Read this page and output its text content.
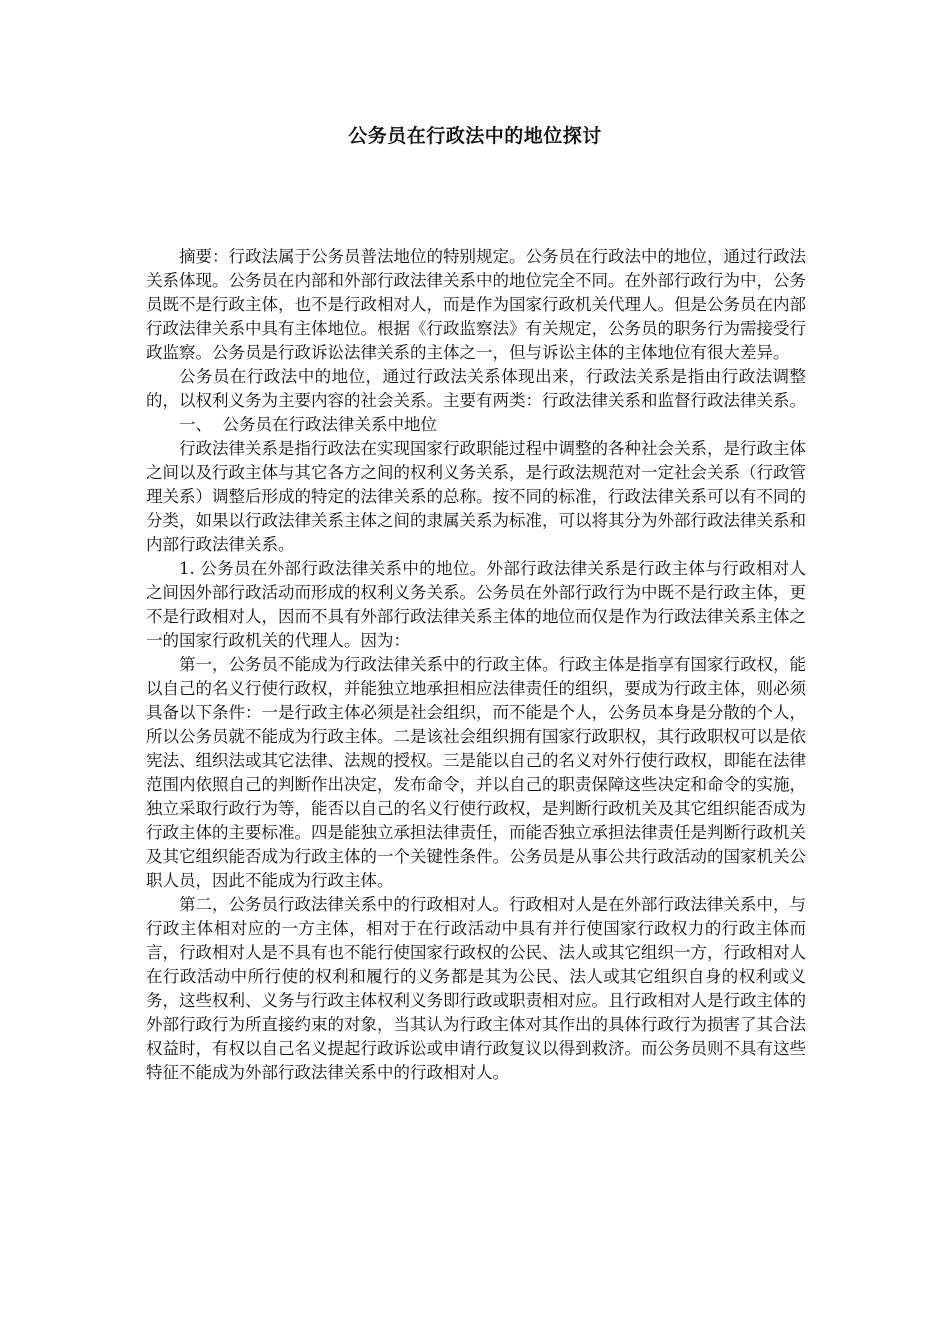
公务员在行政法中的地位探讨

摘要：行政法属于公务员普法地位的特别规定。公务员在行政法中的地位，通过行政法关系体现。公务员在内部和外部行政法律关系中的地位完全不同。在外部行政行为中，公务员既不是行政主体，也不是行政相对人，而是作为国家行政机关代理人。但是公务员在内部行政法律关系中具有主体地位。根据《行政监察法》有关规定，公务员的职务行为需接受行政监察。公务员是行政诉讼法律关系的主体之一，但与诉讼主体的主体地位有很大差异。

公务员在行政法中的地位，通过行政法关系体现出来，行政法关系是指由行政法调整的，以权利义务为主要内容的社会关系。主要有两类：行政法律关系和监督行政法律关系。

一、  公务员在行政法律关系中地位

行政法律关系是指行政法在实现国家行政职能过程中调整的各种社会关系，是行政主体之间以及行政主体与其它各方之间的权利义务关系，是行政法规范对一定社会关系（行政管理关系）调整后形成的特定的法律关系的总称。按不同的标准，行政法律关系可以有不同的分类，如果以行政法律关系主体之间的隶属关系为标准，可以将其分为外部行政法律关系和内部行政法律关系。

1. 公务员在外部行政法律关系中的地位。外部行政法律关系是行政主体与行政相对人之间因外部行政活动而形成的权利义务关系。公务员在外部行政行为中既不是行政主体，更不是行政相对人，因而不具有外部行政法律关系主体的地位而仅是作为行政法律关系主体之一的国家行政机关的代理人。因为：

第一，公务员不能成为行政法律关系中的行政主体。行政主体是指享有国家行政权，能以自己的名义行使行政权，并能独立地承担相应法律责任的组织，要成为行政主体，则必须具备以下条件：一是行政主体必须是社会组织，而不能是个人，公务员本身是分散的个人，所以公务员就不能成为行政主体。二是该社会组织拥有国家行政职权，其行政职权可以是依宪法、组织法或其它法律、法规的授权。三是能以自己的名义对外行使行政权，即能在法律范围内依照自己的判断作出决定，发布命令，并以自己的职责保障这些决定和命令的实施，独立采取行政行为等，能否以自己的名义行使行政权，是判断行政机关及其它组织能否成为行政主体的主要标准。四是能独立承担法律责任，而能否独立承担法律责任是判断行政机关及其它组织能否成为行政主体的一个关键性条件。公务员是从事公共行政活动的国家机关公职人员，因此不能成为行政主体。

第二，公务员行政法律关系中的行政相对人。行政相对人是在外部行政法律关系中，与行政主体相对应的一方主体，相对于在行政活动中具有并行使国家行政权力的行政主体而言，行政相对人是不具有也不能行使国家行政权的公民、法人或其它组织一方，行政相对人在行政活动中所行使的权利和履行的义务都是其为公民、法人或其它组织自身的权利或义务，这些权利、义务与行政主体权利义务即行政或职责相对应。且行政相对人是行政主体的外部行政行为所直接约束的对象，当其认为行政主体对其作出的具体行政行为损害了其合法权益时，有权以自己名义提起行政诉讼或申请行政复议以得到救济。而公务员则不具有这些特征不能成为外部行政法律关系中的行政相对人。
